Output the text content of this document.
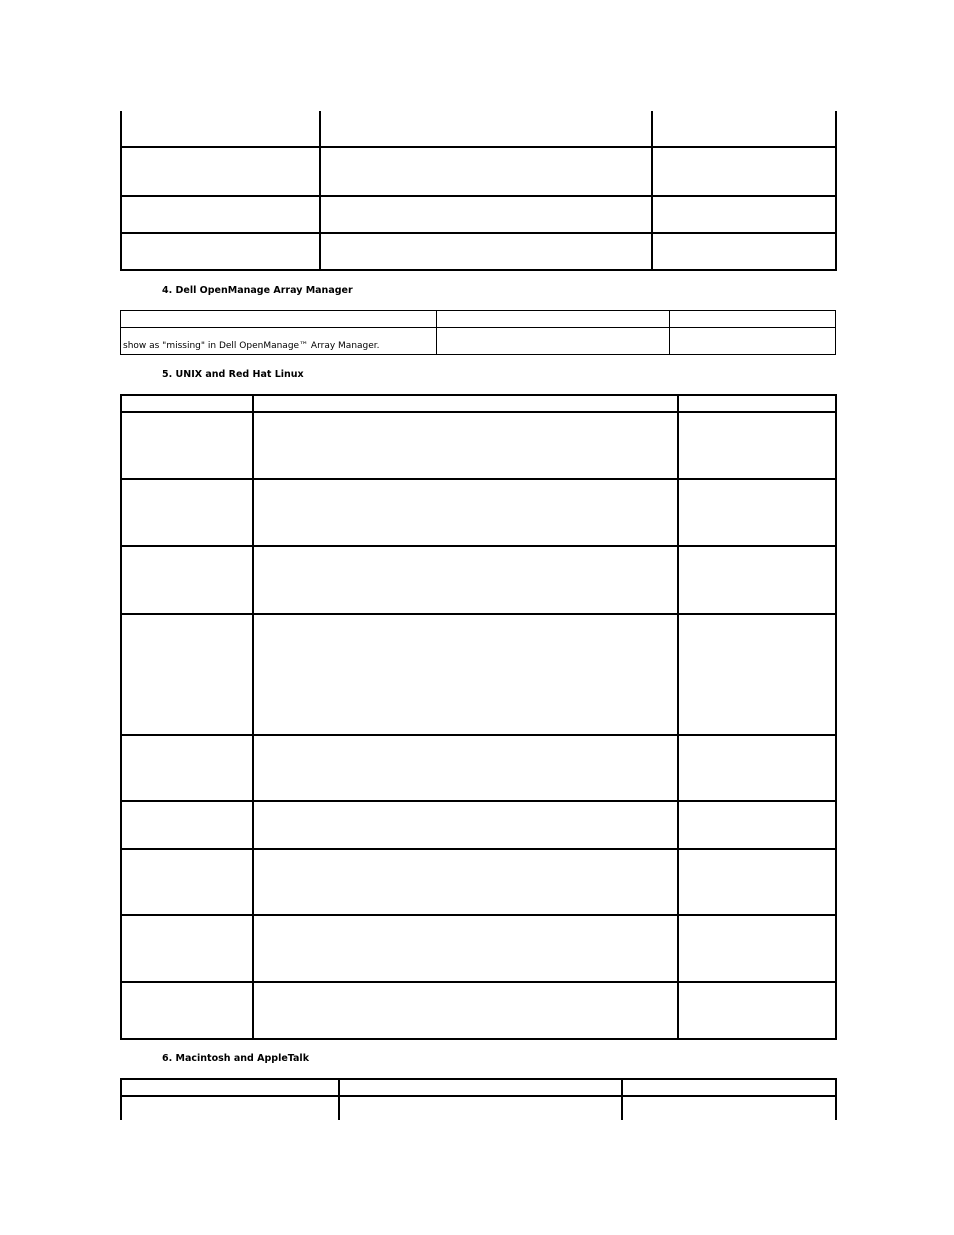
4. Dell OpenManage Array Manager

show as "missing" in Dell OpenManage™ Array Manager.		

5. UNIX and Red Hat Linux

6. Macintosh and AppleTalk
